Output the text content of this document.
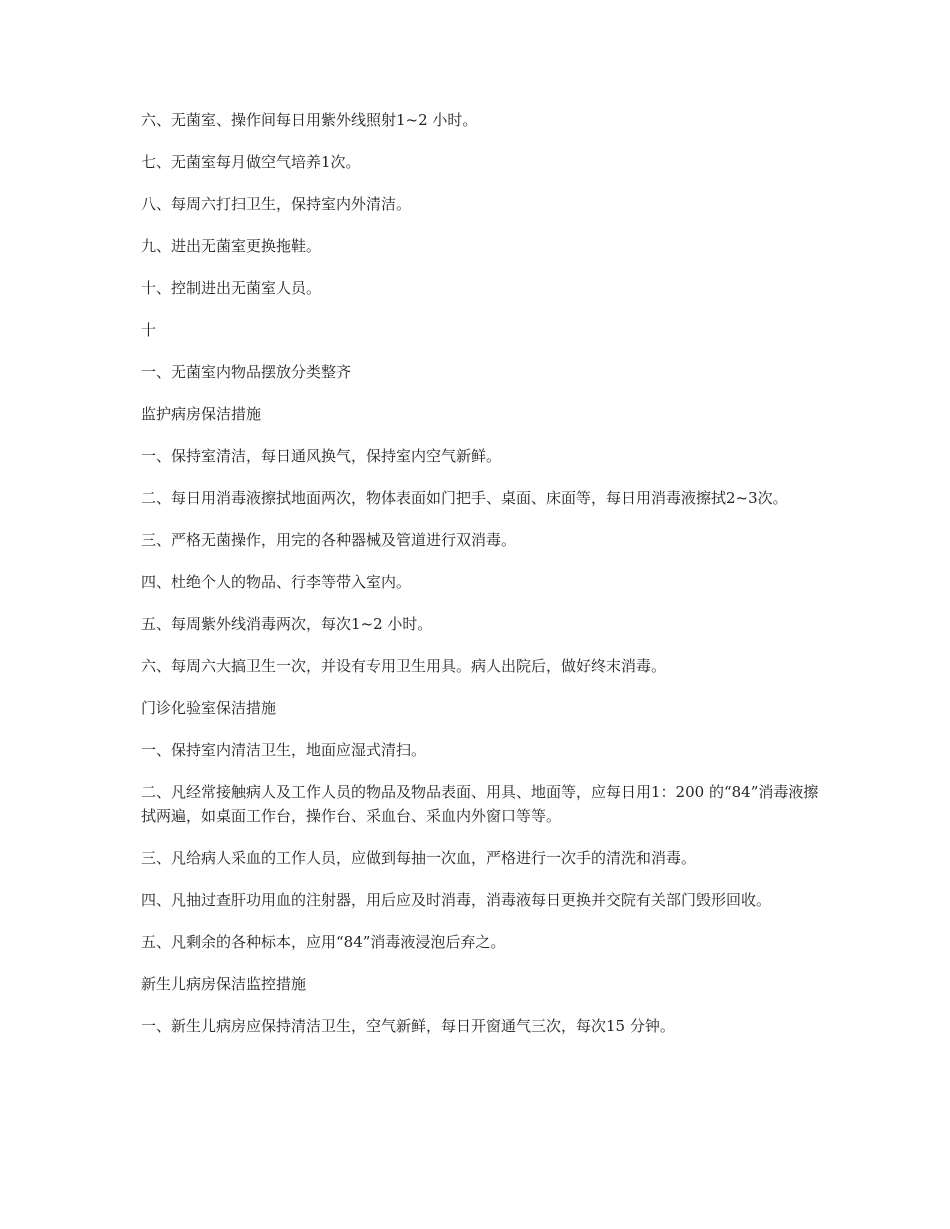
六、无菌室、操作间每日用紫外线照射1~2 小时。

七、无菌室每月做空气培养1次。

八、每周六打扫卫生，保持室内外清洁。

九、进出无菌室更换拖鞋。

十、控制进出无菌室人员。

十

一、无菌室内物品摆放分类整齐

监护病房保洁措施

一、保持室清洁，每日通风换气，保持室内空气新鲜。

二、每日用消毒液擦拭地面两次，物体表面如门把手、桌面、床面等，每日用消毒液擦拭2~3次。

三、严格无菌操作，用完的各种器械及管道进行双消毒。

四、杜绝个人的物品、行李等带入室内。

五、每周紫外线消毒两次，每次1~2 小时。

六、每周六大搞卫生一次，并设有专用卫生用具。病人出院后，做好终末消毒。

门诊化验室保洁措施

一、保持室内清洁卫生，地面应湿式清扫。

二、凡经常接触病人及工作人员的物品及物品表面、用具、地面等，应每日用1：200 的“84”消毒液擦拭两遍，如桌面工作台，操作台、采血台、采血内外窗口等等。

三、凡给病人采血的工作人员，应做到每抽一次血，严格进行一次手的清洗和消毒。

四、凡抽过查肝功用血的注射器，用后应及时消毒，消毒液每日更换并交院有关部门毁形回收。

五、凡剩余的各种标本，应用“84”消毒液浸泡后弃之。

新生儿病房保洁监控措施

一、新生儿病房应保持清洁卫生，空气新鲜，每日开窗通气三次，每次15 分钟。
